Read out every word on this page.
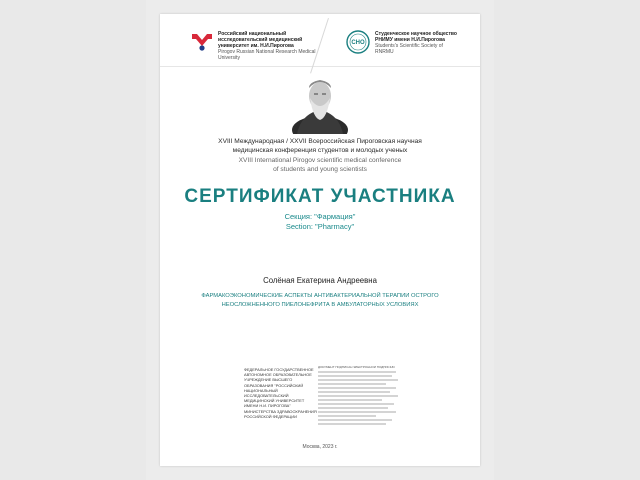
Российский национальный исследовательский медицинский университет им. Н.И.Пирогова
Pirogov Russian National Research Medical University
СНО
Студенческое научное общество РНИМУ имени Н.И.Пирогова
Students's Scientific Society of RNRMU
XVIII Международная / XXVII Всероссийская Пироговская научная медицинская конференция студентов и молодых ученых
XVIII International Pirogov scientific medical conference of students and young scientists
СЕРТИФИКАТ УЧАСТНИКА
Секция: "Фармация"
Section: "Pharmacy"
Солёная Екатерина Андреевна
ФАРМАКОЭКОНОМИЧЕСКИЕ АСПЕКТЫ АНТИБАКТЕРИАЛЬНОЙ ТЕРАПИИ ОСТРОГО НЕОСЛОЖНЕННОГО ПИЕЛОНЕФРИТА В АМБУЛАТОРНЫХ УСЛОВИЯХ
ФЕДЕРАЛЬНОЕ ГОСУДАРСТВЕННОЕ АВТОНОМНОЕ ОБРАЗОВАТЕЛЬНОЕ УЧРЕЖДЕНИЕ ВЫСШЕГО ОБРАЗОВАНИЯ "РОССИЙСКИЙ НАЦИОНАЛЬНЫЙ ИССЛЕДОВАТЕЛЬСКИЙ МЕДИЦИНСКИЙ УНИВЕРСИТЕТ ИМЕНИ Н.И. ПИРОГОВА" МИНИСТЕРСТВА ЗДРАВООХРАНЕНИЯ РОССИЙСКОЙ ФЕДЕРАЦИИ
ДОКУМЕНТ ПОДПИСАН ЭЛЕКТРОННОЙ ПОДПИСЬЮ
Москва, 2023 г.
